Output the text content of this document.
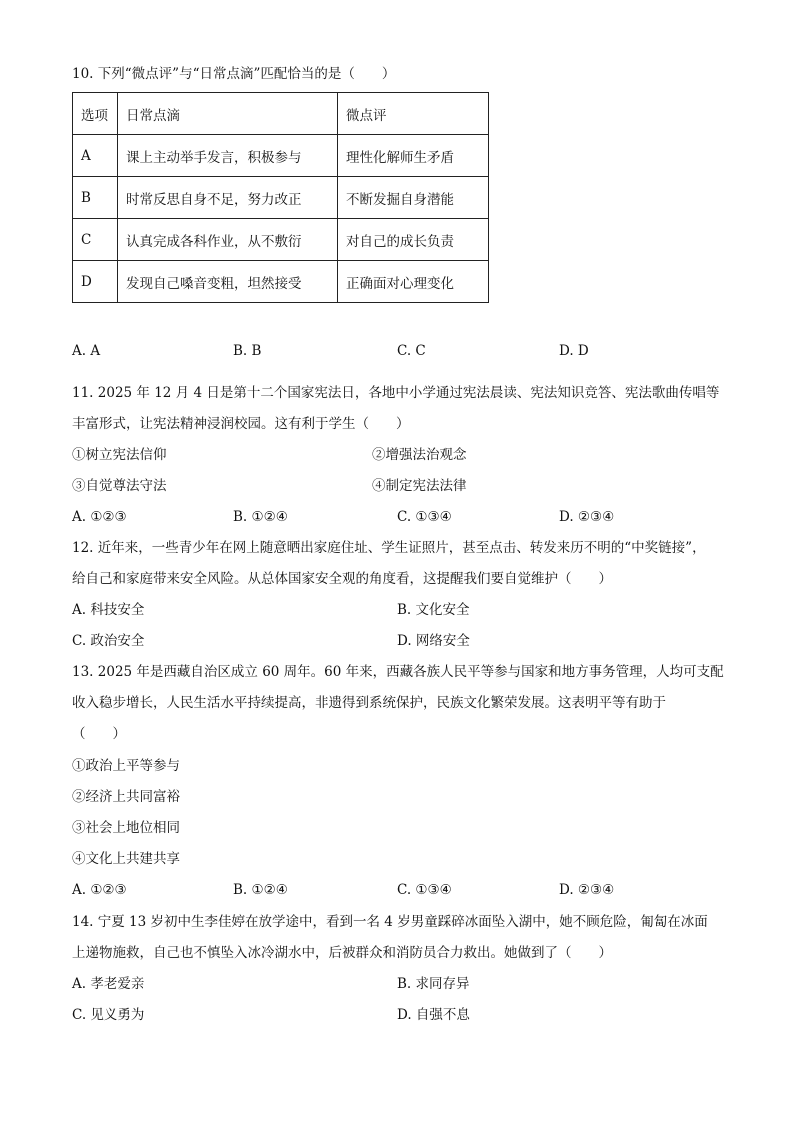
10. 下列“微点评”与“日常点滴”匹配恰当的是（　　）
选项	日常点滴	微点评
A	课上主动举手发言，积极参与	理性化解师生矛盾
B	时常反思自身不足，努力改正	不断发掘自身潜能
C	认真完成各科作业，从不敷衍	对自己的成长负责
D	发现自己嗓音变粗，坦然接受	正确面对心理变化
A. A	B. B	C. C	D. D
11. 2025 年 12 月 4 日是第十二个国家宪法日，各地中小学通过宪法晨读、宪法知识竞答、宪法歌曲传唱等
丰富形式，让宪法精神浸润校园。这有利于学生（　　）
①树立宪法信仰	②增强法治观念
③自觉尊法守法	④制定宪法法律
A. ①②③	B. ①②④	C. ①③④	D. ②③④
12. 近年来，一些青少年在网上随意晒出家庭住址、学生证照片，甚至点击、转发来历不明的“中奖链接”，
给自己和家庭带来安全风险。从总体国家安全观的角度看，这提醒我们要自觉维护（　　）
A. 科技安全	B. 文化安全
C. 政治安全	D. 网络安全
13. 2025 年是西藏自治区成立 60 周年。60 年来，西藏各族人民平等参与国家和地方事务管理，人均可支配
收入稳步增长，人民生活水平持续提高，非遗得到系统保护，民族文化繁荣发展。这表明平等有助于
（　　）
①政治上平等参与
②经济上共同富裕
③社会上地位相同
④文化上共建共享
A. ①②③	B. ①②④	C. ①③④	D. ②③④
14. 宁夏 13 岁初中生李佳婷在放学途中，看到一名 4 岁男童踩碎冰面坠入湖中，她不顾危险，匍匐在冰面
上递物施救，自己也不慎坠入冰冷湖水中，后被群众和消防员合力救出。她做到了（　　）
A. 孝老爱亲	B. 求同存异
C. 见义勇为	D. 自强不息
